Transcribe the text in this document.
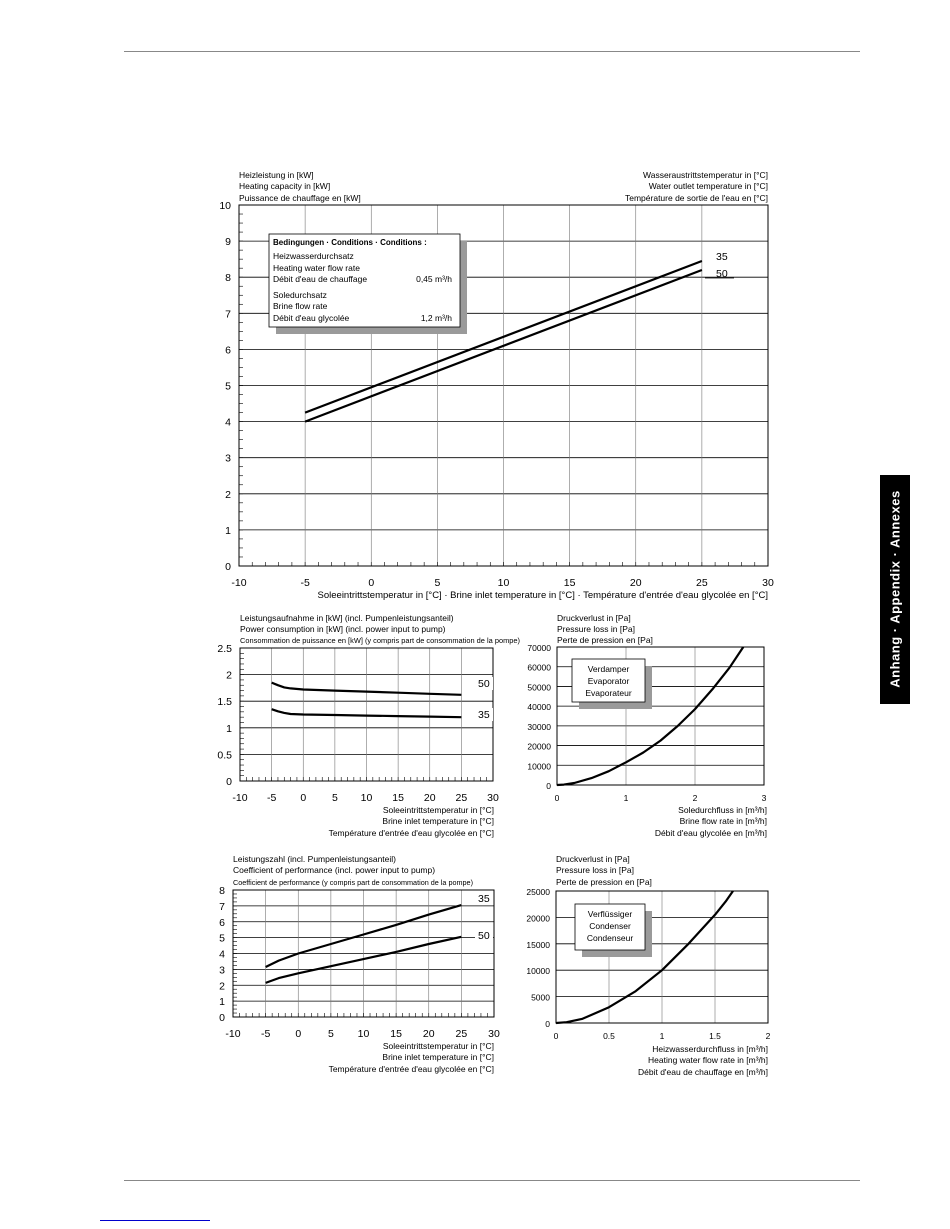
Anhang · Appendix · Annexes
Heizleistung in [kW]
Heating capacity in [kW]
Puissance de chauffage en [kW]
Wasseraustrittstemperatur in [°C]
Water outlet temperature in [°C]
Température de sortie de l'eau en [°C]
Soleeintrittstemperatur in [°C] · Brine inlet temperature in [°C] · Température d'entrée d'eau glycolée en [°C]
-10	-5	0	5	10	15	20	25	30
0
1
2
3
4
5
6
7
8
9
10
35
50
Bedingungen · Conditions · Conditions :
Heizwasserdurchsatz
Heating water flow rate
Débit d'eau de chauffage
Soledurchsatz
Brine flow rate
Débit d'eau glycolée
0,45 m³/h
1,2 m³/h
Leistungsaufnahme in [kW] (incl. Pumpenleistungsanteil)
Power consumption in [kW] (incl. power input to pump)
Consommation de puissance en [kW] (y compris part de consommation de la pompe)
Soleeintrittstemperatur in [°C]
Brine inlet temperature in [°C]
Température d'entrée d'eau glycolée en [°C]
-10 -5 0 5 10 15 20 25 30
0
0.5
1
1.5
2
2.5
50
35
Druckverlust in [Pa]
Pressure loss in [Pa]
Perte de pression en [Pa]
Soledurchfluss in [m³/h]
Brine flow rate in [m³/h]
Débit d'eau glycolée en [m³/h]
0	1	2	3
0
10000
20000
30000
40000
50000
60000
70000
Verdamper
Evaporator
Evaporateur
Leistungszahl (incl. Pumpenleistungsanteil)
Coefficient of performance (incl. power input to pump)
Coefficient de performance (y compris part de consommation de la pompe)
Soleeintrittstemperatur in [°C]
Brine inlet temperature in [°C]
Température d'entrée d'eau glycolée en [°C]
-10 -5 0	5 10 15 20 25 30
0
1
2
3
4
5
6
7
8
35
50
Druckverlust in [Pa]
Pressure loss in [Pa]
Perte de pression en [Pa]
Heizwasserdurchfluss in [m³/h]
Heating water flow rate in [m³/h]
Débit d'eau de chauffage en [m³/h]
0	0.5	1	1.5	2
0
5000
10000
15000
20000
25000
Verflüssiger
Condenser
Condenseur
